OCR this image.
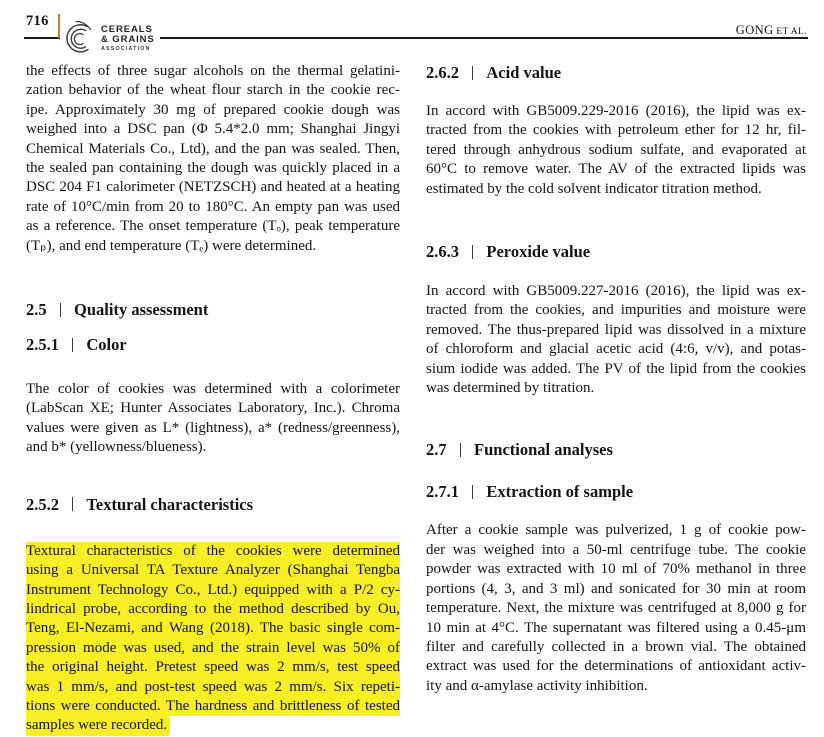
716	CEREALS
& GRAINS
ASSOCIATION
GONG ET AL.
the effects of three sugar alcohols on the thermal gelatini-
zation behavior of the wheat flour starch in the cookie rec-
ipe. Approximately 30 mg of prepared cookie dough was
weighed into a DSC pan (Φ 5.4*2.0 mm; Shanghai Jingyi
Chemical Materials Co., Ltd), and the pan was sealed. Then,
the sealed pan containing the dough was quickly placed in a
DSC 204 F1 calorimeter (NETZSCH) and heated at a heating
rate of 10°C/min from 20 to 180°C. An empty pan was used
as a reference. The onset temperature (Tₒ), peak temperature
(Tₚ), and end temperature (Tₑ) were determined.
2.5 Quality assessment
2.5.1 Color
The color of cookies was determined with a colorimeter
(LabScan XE; Hunter Associates Laboratory, Inc.). Chroma
values were given as L* (lightness), a* (redness/greenness),
and b* (yellowness/blueness).
2.5.2 Textural characteristics
Textural characteristics of the cookies were determined
using a Universal TA Texture Analyzer (Shanghai Tengba
Instrument Technology Co., Ltd.) equipped with a P/2 cy-
lindrical probe, according to the method described by Ou,
Teng, El-Nezami, and Wang (2018). The basic single com-
pression mode was used, and the strain level was 50% of
the original height. Pretest speed was 2 mm/s, test speed
was 1 mm/s, and post-test speed was 2 mm/s. Six repeti-
tions were conducted. The hardness and brittleness of tested
samples were recorded.
2.6.2 Acid value
In accord with GB5009.229-2016 (2016), the lipid was ex-
tracted from the cookies with petroleum ether for 12 hr, fil-
tered through anhydrous sodium sulfate, and evaporated at
60°C to remove water. The AV of the extracted lipids was
estimated by the cold solvent indicator titration method.
2.6.3 Peroxide value
In accord with GB5009.227-2016 (2016), the lipid was ex-
tracted from the cookies, and impurities and moisture were
removed. The thus-prepared lipid was dissolved in a mixture
of chloroform and glacial acetic acid (4:6, v/v), and potas-
sium iodide was added. The PV of the lipid from the cookies
was determined by titration.
2.7 Functional analyses
2.7.1 Extraction of sample
After a cookie sample was pulverized, 1 g of cookie pow-
der was weighed into a 50-ml centrifuge tube. The cookie
powder was extracted with 10 ml of 70% methanol in three
portions (4, 3, and 3 ml) and sonicated for 30 min at room
temperature. Next, the mixture was centrifuged at 8,000 g for
10 min at 4°C. The supernatant was filtered using a 0.45-μm
filter and carefully collected in a brown vial. The obtained
extract was used for the determinations of antioxidant activ-
ity and α-amylase activity inhibition.
